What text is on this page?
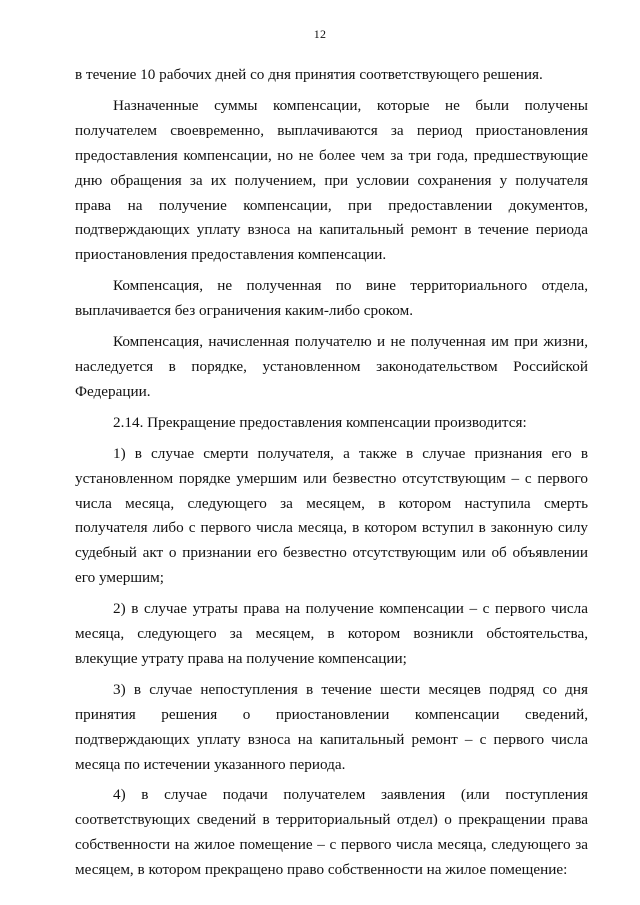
12

в течение 10 рабочих дней со дня принятия соответствующего решения.

Назначенные суммы компенсации, которые не были получены получателем своевременно, выплачиваются за период приостановления предоставления компенсации, но не более чем за три года, предшествующие дню обращения за их получением, при условии сохранения у получателя права на получение компенсации, при предоставлении документов, подтверждающих уплату взноса на капитальный ремонт в течение периода приостановления предоставления компенсации.

Компенсация, не полученная по вине территориального отдела, выплачивается без ограничения каким-либо сроком.

Компенсация, начисленная получателю и не полученная им при жизни, наследуется в порядке, установленном законодательством Российской Федерации.

2.14. Прекращение предоставления компенсации производится:

1) в случае смерти получателя, а также в случае признания его в установленном порядке умершим или безвестно отсутствующим – с первого числа месяца, следующего за месяцем, в котором наступила смерть получателя либо с первого числа месяца, в котором вступил в законную силу судебный акт о признании его безвестно отсутствующим или об объявлении его умершим;

2) в случае утраты права на получение компенсации – с первого числа месяца, следующего за месяцем, в котором возникли обстоятельства, влекущие утрату права на получение компенсации;

3) в случае непоступления в течение шести месяцев подряд со дня принятия решения о приостановлении компенсации сведений, подтверждающих уплату взноса на капитальный ремонт – с первого числа месяца по истечении указанного периода.

4) в случае подачи получателем заявления (или поступления соответствующих сведений в территориальный отдел) о прекращении права собственности на жилое помещение – с первого числа месяца, следующего за месяцем, в котором прекращено право собственности на жилое помещение:
